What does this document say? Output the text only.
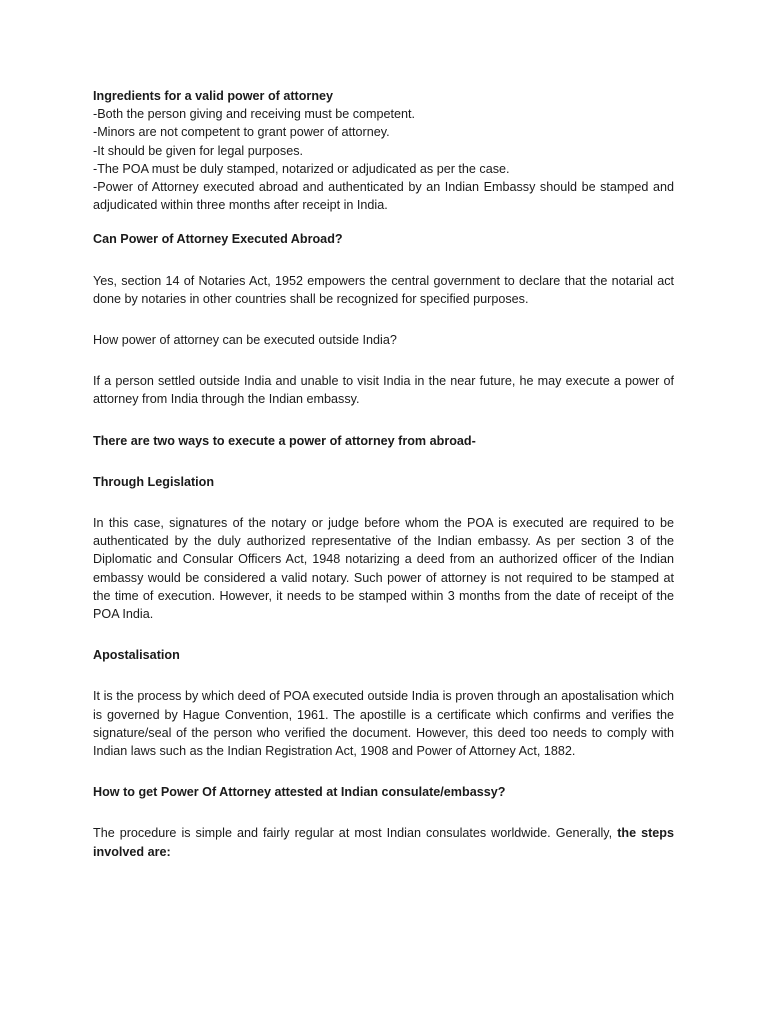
Ingredients for a valid power of attorney
-Both the person giving and receiving must be competent.
-Minors are not competent to grant power of attorney.
-It should be given for legal purposes.
-The POA must be duly stamped, notarized or adjudicated as per the case.
-Power of Attorney executed abroad and authenticated by an Indian Embassy should be stamped and adjudicated within three months after receipt in India.

Can Power of Attorney Executed Abroad?

Yes, section 14 of Notaries Act, 1952 empowers the central government to declare that the notarial act done by notaries in other countries shall be recognized for specified purposes.

How power of attorney can be executed outside India?

If a person settled outside India and unable to visit India in the near future, he may execute a power of attorney from India through the Indian embassy.

There are two ways to execute a power of attorney from abroad-

Through Legislation

In this case, signatures of the notary or judge before whom the POA is executed are required to be authenticated by the duly authorized representative of the Indian embassy. As per section 3 of the Diplomatic and Consular Officers Act, 1948 notarizing a deed from an authorized officer of the Indian embassy would be considered a valid notary. Such power of attorney is not required to be stamped at the time of execution. However, it needs to be stamped within 3 months from the date of receipt of the POA India.

Apostalisation

It is the process by which deed of POA executed outside India is proven through an apostalisation which is governed by Hague Convention, 1961. The apostille is a certificate which confirms and verifies the signature/seal of the person who verified the document. However, this deed too needs to comply with Indian laws such as the Indian Registration Act, 1908 and Power of Attorney Act, 1882.

How to get Power Of Attorney attested at Indian consulate/embassy?

The procedure is simple and fairly regular at most Indian consulates worldwide. Generally, the steps involved are:
